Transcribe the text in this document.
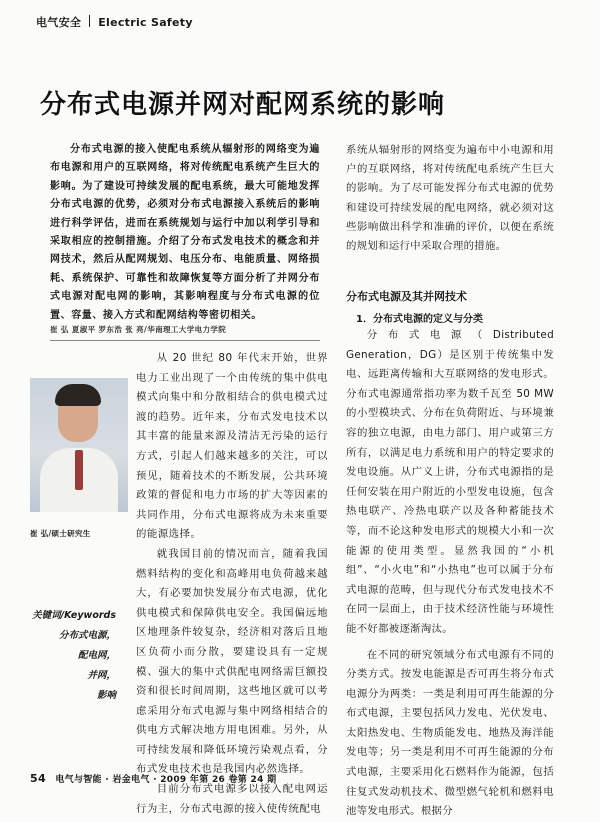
电气安全 Electric Safety
分布式电源并网对配网系统的影响
分布式电源的接入使配电系统从辐射形的网络变为遍布电源和用户的互联网络，将对传统配电系统产生巨大的影响。为了建设可持续发展的配电系统，最大可能地发挥分布式电源的优势，必须对分布式电源接入系统后的影响进行科学评估，进而在系统规划与运行中加以利学引导和采取相应的控制措施。介绍了分布式发电技术的概念和并网技术，然后从配网规划、电压分布、电能质量、网络损耗、系统保护、可靠性和故障恢复等方面分析了并网分布式电源对配电网的影响，其影响程度与分布式电源的位置、容量、接入方式和配网结构等密切相关。
崔 弘 夏淑平 罗东浩 张 亮/华南理工大学电力学院
崔 弘/硕士研究生
关键词/Keywords
分布式电源，
配电网，
并网，
影响

从 20 世纪 80 年代末开始，世界电力工业出现了一个由传统的集中供电模式向集中和分散相结合的供电模式过渡的趋势。近年来，分布式发电技术以其丰富的能量来源及清洁无污染的运行方式，引起人们越来越多的关注，可以预见，随着技术的不断发展，公共环境政策的督促和电力市场的扩大等因素的共同作用，分布式电源将成为未来重要的能源选择。

就我国目前的情况而言，随着我国燃料结构的变化和高峰用电负荷越来越大，有必要加快发展分布式电源，优化供电模式和保障供电安全。我国偏远地区地理条件较复杂，经济相对落后且地区负荷小而分散，要建设具有一定规模、强大的集中式供配电网络需巨额投资和很长时间周期，这些地区就可以考虑采用分布式电源与集中网络相结合的供电方式解决地方用电困难。另外，从可持续发展和降低环境污染观点看，分布式发电技术也是我国内必然选择。

目前分布式电源多以接入配电网运行为主，分布式电源的接入使传统配电

系统从辐射形的网络变为遍布中小电源和用户的互联网络，将对传统配电系统产生巨大的影响。为了尽可能发挥分布式电源的优势和建设可持续发展的配电网络，就必须对这些影响做出科学和准确的评价，以便在系统的规划和运行中采取合理的措施。

分布式电源及其并网技术
1．分布式电源的定义与分类

分布式电源（Distributed Generation，DG）是区别于传统集中发电、远距离传输和大互联网络的发电形式。分布式电源通常指功率为数千瓦至 50 MW 的小型模块式、分布在负荷附近、与环境兼容的独立电源，由电力部门、用户或第三方所有，以满足电力系统和用户的特定要求的发电设施。从广义上讲，分布式电源指的是任何安装在用户附近的小型发电设施，包含热电联产、冷热电联产以及各种蓄能技术等，而不论这种发电形式的规模大小和一次能源的使用类型。显然我国的“小机组”、“小火电”和“小热电”也可以属于分布式电源的范畴，但与现代分布式发电技术不在同一层面上，由于技术经济性能与环境性能不好都被逐渐淘汰。

在不同的研究领域分布式电源有不同的分类方式。按发电能源是否可再生将分布式电源分为两类：一类是利用可再生能源的分布式电源，主要包括风力发电、光伏发电、太阳热发电、生物质能发电、地热及海洋能发电等；另一类是利用不可再生能源的分布式电源，主要采用化石燃料作为能源，包括往复式发动机技术、微型燃气轮机和燃料电池等发电形式。根据分

54 电气与智能 ∙ 岩金电气 ∙ 2009 年第 26 卷第 24 期
